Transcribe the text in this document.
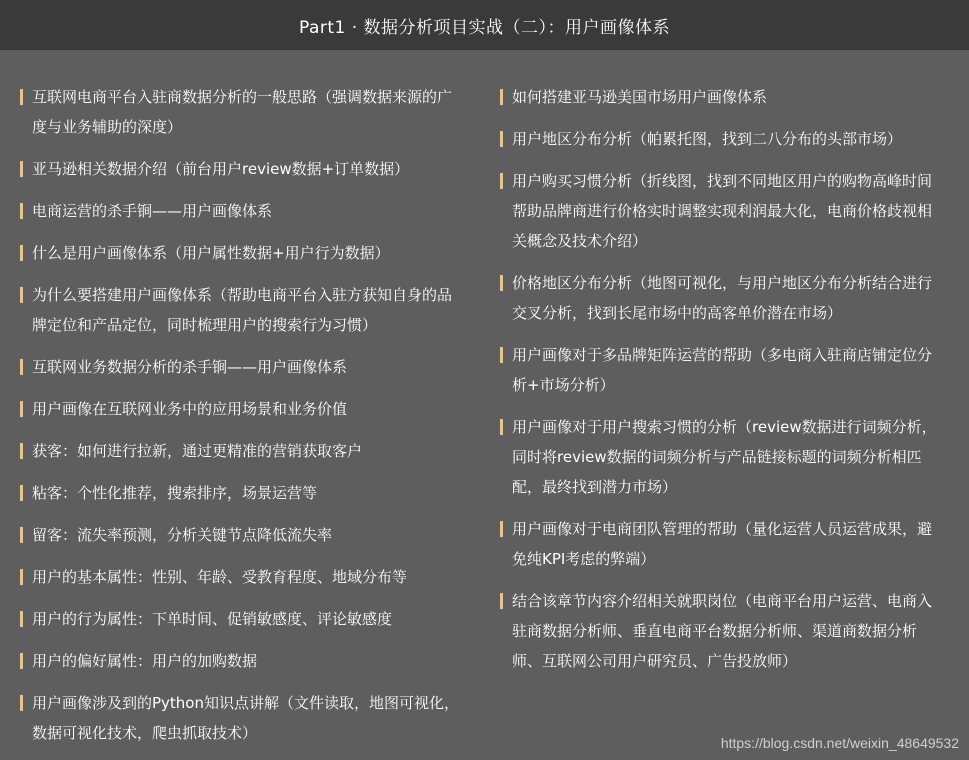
Part1 · 数据分析项目实战（二）：用户画像体系
互联网电商平台入驻商数据分析的一般思路（强调数据来源的广度与业务辅助的深度）
亚马逊相关数据介绍（前台用户review数据+订单数据）
电商运营的杀手锏——用户画像体系
什么是用户画像体系（用户属性数据+用户行为数据）
为什么要搭建用户画像体系（帮助电商平台入驻方获知自身的品牌定位和产品定位，同时梳理用户的搜索行为习惯）
互联网业务数据分析的杀手锏——用户画像体系
用户画像在互联网业务中的应用场景和业务价值
获客：如何进行拉新，通过更精准的营销获取客户
粘客：个性化推荐，搜索排序，场景运营等
留客：流失率预测，分析关键节点降低流失率
用户的基本属性：性别、年龄、受教育程度、地域分布等
用户的行为属性：下单时间、促销敏感度、评论敏感度
用户的偏好属性：用户的加购数据
用户画像涉及到的Python知识点讲解（文件读取，地图可视化，数据可视化技术，爬虫抓取技术）
如何搭建亚马逊美国市场用户画像体系
用户地区分布分析（帕累托图，找到二八分布的头部市场）
用户购买习惯分析（折线图，找到不同地区用户的购物高峰时间帮助品牌商进行价格实时调整实现利润最大化，电商价格歧视相关概念及技术介绍）
价格地区分布分析（地图可视化，与用户地区分布分析结合进行交叉分析，找到长尾市场中的高客单价潜在市场）
用户画像对于多品牌矩阵运营的帮助（多电商入驻商店铺定位分析+市场分析）
用户画像对于用户搜索习惯的分析（review数据进行词频分析，同时将review数据的词频分析与产品链接标题的词频分析相匹配，最终找到潜力市场）
用户画像对于电商团队管理的帮助（量化运营人员运营成果，避免纯KPI考虑的弊端）
结合该章节内容介绍相关就职岗位（电商平台用户运营、电商入驻商数据分析师、垂直电商平台数据分析师、渠道商数据分析师、互联网公司用户研究员、广告投放师）
https://blog.csdn.net/weixin_48649532
